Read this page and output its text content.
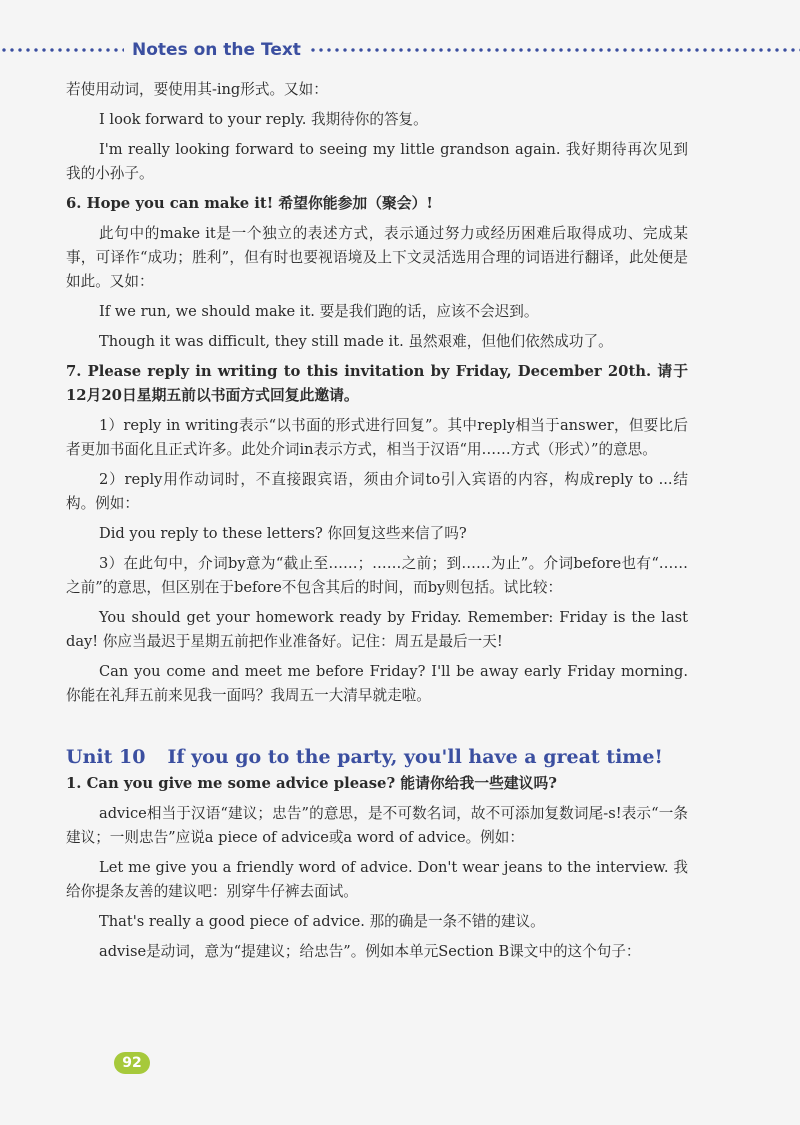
Notes on the Text

若使用动词，要使用其-ing形式。又如：

I look forward to your reply. 我期待你的答复。

I'm really looking forward to seeing my little grandson again. 我好期待再次见到我的小孙子。

6. Hope you can make it! 希望你能参加（聚会）!

此句中的make it是一个独立的表述方式，表示通过努力或经历困难后取得成功、完成某事，可译作“成功；胜利”，但有时也要视语境及上下文灵活选用合理的词语进行翻译，此处便是如此。又如：

If we run, we should make it. 要是我们跑的话，应该不会迟到。

Though it was difficult, they still made it. 虽然艰难，但他们依然成功了。

7. Please reply in writing to this invitation by Friday, December 20th. 请于12月20日星期五前以书面方式回复此邀请。

1）reply in writing表示“以书面的形式进行回复”。其中reply相当于answer，但要比后者更加书面化且正式许多。此处介词in表示方式，相当于汉语“用……方式（形式）”的意思。

2）reply用作动词时，不直接跟宾语，须由介词to引入宾语的内容，构成reply to ...结构。例如：

Did you reply to these letters? 你回复这些来信了吗?

3）在此句中，介词by意为“截止至……；……之前；到……为止”。介词before也有“……之前”的意思，但区别在于before不包含其后的时间，而by则包括。试比较：

You should get your homework ready by Friday. Remember: Friday is the last day! 你应当最迟于星期五前把作业准备好。记住：周五是最后一天!

Can you come and meet me before Friday? I'll be away early Friday morning. 你能在礼拜五前来见我一面吗？我周五一大清早就走啦。

Unit 10 If you go to the party, you'll have a great time!

1. Can you give me some advice please? 能请你给我一些建议吗?

advice相当于汉语“建议；忠告”的意思，是不可数名词，故不可添加复数词尾-s!表示“一条建议；一则忠告”应说a piece of advice或a word of advice。例如：

Let me give you a friendly word of advice. Don't wear jeans to the interview. 我给你提条友善的建议吧：别穿牛仔裤去面试。

That's really a good piece of advice. 那的确是一条不错的建议。

advise是动词，意为“提建议；给忠告”。例如本单元Section B课文中的这个句子：

92
